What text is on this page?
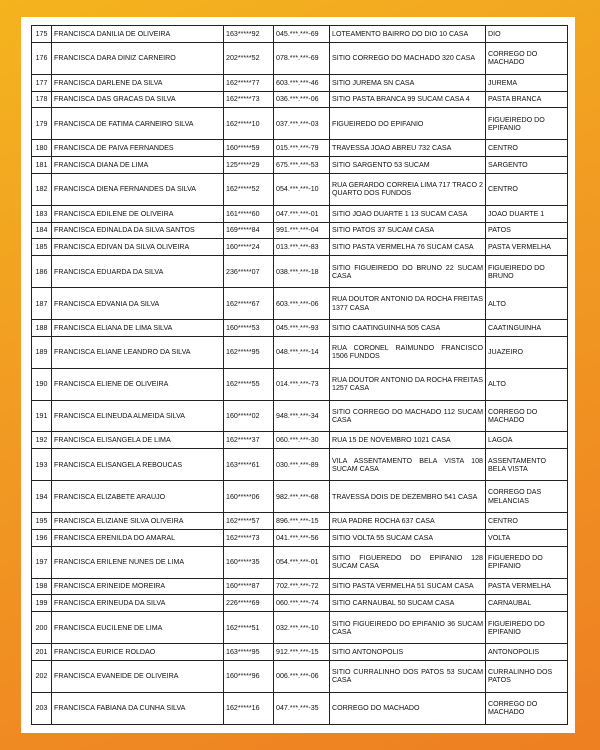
175	FRANCISCA DANILIA DE OLIVEIRA	163*****92	045.***.***-69	LOTEAMENTO BAIRRO DO DIO 10 CASA	DIO
176	FRANCISCA DARA DINIZ CARNEIRO	202*****52	078.***.***-69	SITIO CORREGO DO MACHADO 320 CASA	CORREGO DO MACHADO
177	FRANCISCA DARLENE DA SILVA	162*****77	603.***.***-46	SITIO JUREMA SN CASA	JUREMA
178	FRANCISCA DAS GRACAS DA SILVA	162*****73	036.***.***-06	SITIO PASTA BRANCA 99 SUCAM CASA 4	PASTA BRANCA
179	FRANCISCA DE FATIMA CARNEIRO SILVA	162*****10	037.***.***-03	FIGUEIREDO DO EPIFANIO	FIGUEIREDO DO EPIFANIO
180	FRANCISCA DE PAIVA FERNANDES	160*****59	015.***.***-79	TRAVESSA JOAO ABREU 732 CASA	CENTRO
181	FRANCISCA DIANA DE LIMA	125*****29	675.***.***-53	SITIO SARGENTO 53 SUCAM	SARGENTO
182	FRANCISCA DIENA FERNANDES DA SILVA	162*****52	054.***.***-10	RUA GERARDO CORREIA LIMA 717 TRACO 2 QUARTO DOS FUNDOS	CENTRO
183	FRANCISCA EDILENE DE OLIVEIRA	161*****60	047.***.***-01	SITIO JOAO DUARTE 1 13 SUCAM CASA	JOAO DUARTE 1
184	FRANCISCA EDINALDA DA SILVA SANTOS	169*****84	991.***.***-04	SITIO PATOS 37 SUCAM CASA	PATOS
185	FRANCISCA EDIVAN DA SILVA OLIVEIRA	160*****24	013.***.***-83	SITIO PASTA VERMELHA 76 SUCAM CASA	PASTA VERMELHA
186	FRANCISCA EDUARDA DA SILVA	236*****07	038.***.***-18	SITIO FIGUEIREDO DO BRUNO 22 SUCAM CASA	FIGUEIREDO DO BRUNO
187	FRANCISCA EDVANIA DA SILVA	162*****67	603.***.***-06	RUA DOUTOR ANTONIO DA ROCHA FREITAS 1377 CASA	ALTO
188	FRANCISCA ELIANA DE LIMA SILVA	160*****53	045.***.***-93	SITIO CAATINGUINHA 505 CASA	CAATINGUINHA
189	FRANCISCA ELIANE LEANDRO DA SILVA	162*****95	048.***.***-14	RUA CORONEL RAIMUNDO FRANCISCO 1506 FUNDOS	JUAZEIRO
190	FRANCISCA ELIENE DE OLIVEIRA	162*****55	014.***.***-73	RUA DOUTOR ANTONIO DA ROCHA FREITAS 1257 CASA	ALTO
191	FRANCISCA ELINEUDA ALMEIDA SILVA	160*****02	948.***.***-34	SITIO CORREGO DO MACHADO 112 SUCAM CASA	CORREGO DO MACHADO
192	FRANCISCA ELISANGELA DE LIMA	162*****37	060.***.***-30	RUA 15 DE NOVEMBRO 1021 CASA	LAGOA
193	FRANCISCA ELISANGELA REBOUCAS	163*****61	030.***.***-89	VILA ASSENTAMENTO BELA VISTA 108 SUCAM CASA	ASSENTAMENTO BELA VISTA
194	FRANCISCA ELIZABETE ARAUJO	160*****06	982.***.***-68	TRAVESSA DOIS DE DEZEMBRO 541 CASA	CORREGO DAS MELANCIAS
195	FRANCISCA ELIZIANE SILVA OLIVEIRA	162*****57	896.***.***-15	RUA PADRE ROCHA 637 CASA	CENTRO
196	FRANCISCA ERENILDA DO AMARAL	162*****73	041.***.***-56	SITIO VOLTA 55 SUCAM CASA	VOLTA
197	FRANCISCA ERILENE NUNES DE LIMA	160*****35	054.***.***-01	SITIO FIGUEREDO DO EPIFANIO 128 SUCAM CASA	FIGUEREDO DO EPIFANIO
198	FRANCISCA ERINEIDE MOREIRA	160*****87	702.***.***-72	SITIO PASTA VERMELHA 51 SUCAM CASA	PASTA VERMELHA
199	FRANCISCA ERINEUDA DA SILVA	226*****69	060.***.***-74	SITIO CARNAUBAL 50 SUCAM CASA	CARNAUBAL
200	FRANCISCA EUCILENE DE LIMA	162*****51	032.***.***-10	SITIO FIGUEIREDO DO EPIFANIO 36 SUCAM CASA	FIGUEIREDO DO EPIFANIO
201	FRANCISCA EURICE ROLDAO	163*****95	912.***.***-15	SITIO ANTONOPOLIS	ANTONOPOLIS
202	FRANCISCA EVANEIDE DE OLIVEIRA	160*****96	006.***.***-06	SITIO CURRALINHO DOS PATOS 53 SUCAM CASA	CURRALINHO DOS PATOS
203	FRANCISCA FABIANA DA CUNHA SILVA	162*****16	047.***.***-35	CORREGO DO MACHADO	CORREGO DO MACHADO
